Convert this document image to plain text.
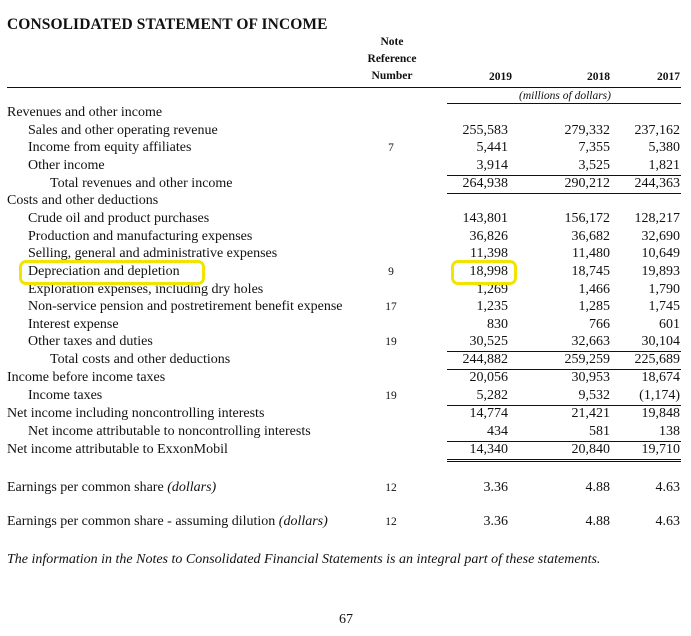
CONSOLIDATED STATEMENT OF INCOME
Note
Reference
Number	2019	2018	2017
(millions of dollars)
Revenues and other income
Sales and other operating revenue	255,583	279,332	237,162
Income from equity affiliates	7	5,441	7,355	5,380
Other income	3,914	3,525	1,821
Total revenues and other income	264,938	290,212	244,363
Costs and other deductions
Crude oil and product purchases	143,801	156,172	128,217
Production and manufacturing expenses	36,826	36,682	32,690
Selling, general and administrative expenses	11,398	11,480	10,649
Depreciation and depletion	9	18,998	18,745	19,893
Exploration expenses, including dry holes	1,269	1,466	1,790
Non-service pension and postretirement benefit expense	17	1,235	1,285	1,745
Interest expense	830	766	601
Other taxes and duties	19	30,525	32,663	30,104
Total costs and other deductions	244,882	259,259	225,689
Income before income taxes	20,056	30,953	18,674
Income taxes	19	5,282	9,532	(1,174)
Net income including noncontrolling interests	14,774	21,421	19,848
Net income attributable to noncontrolling interests	434	581	138
Net income attributable to ExxonMobil	14,340	20,840	19,710
Earnings per common share (dollars)	12	3.36	4.88	4.63
Earnings per common share - assuming dilution (dollars)	12	3.36	4.88	4.63
The information in the Notes to Consolidated Financial Statements is an integral part of these statements.
67
